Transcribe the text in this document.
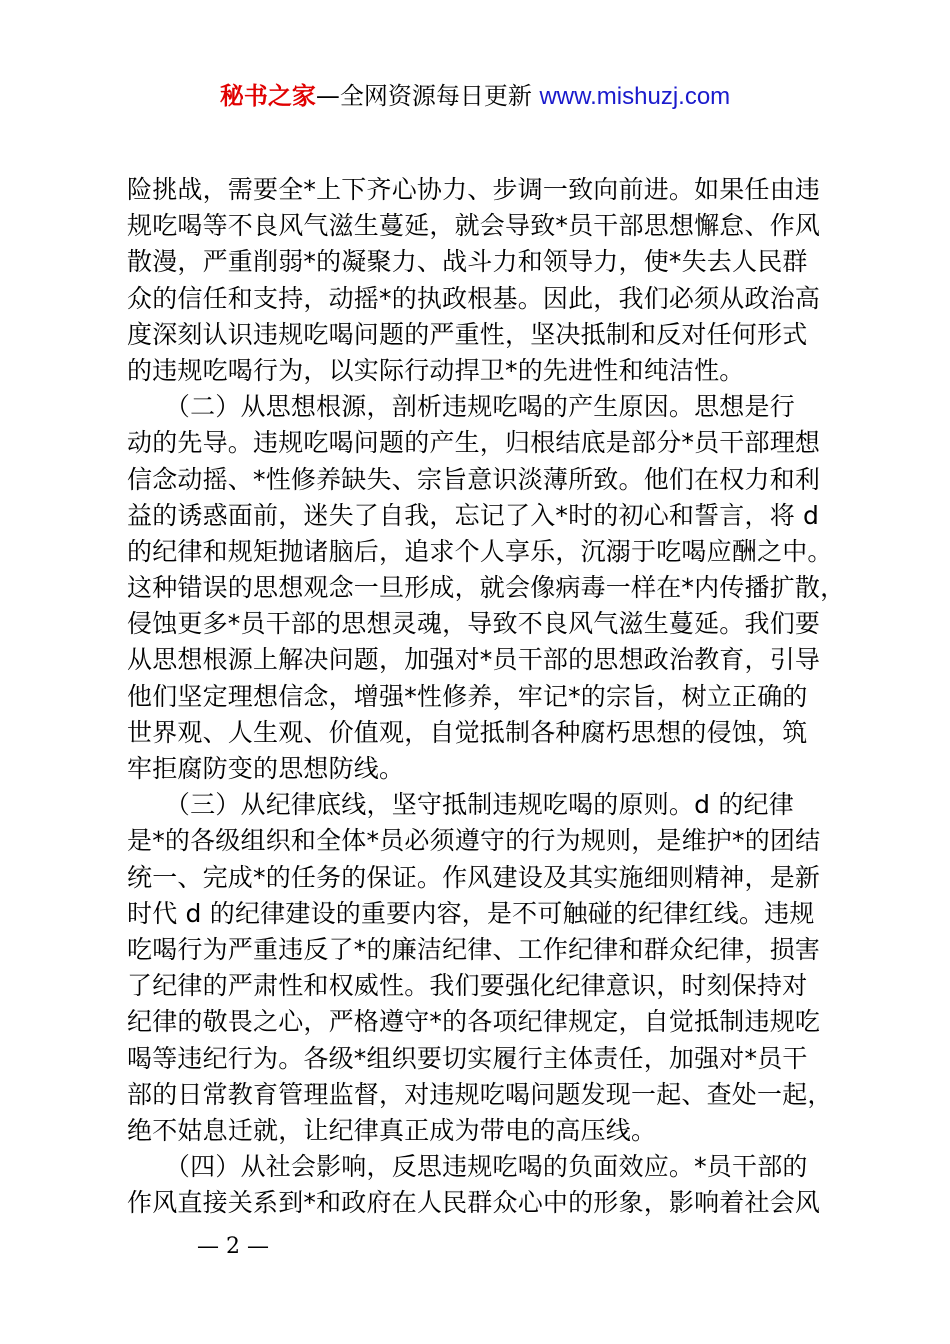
秘书之家—全网资源每日更新 www.mishuzj.com
险挑战，需要全*上下齐心协力、步调一致向前进。如果任由违
规吃喝等不良风气滋生蔓延，就会导致*员干部思想懈怠、作风
散漫，严重削弱*的凝聚力、战斗力和领导力，使*失去人民群
众的信任和支持，动摇*的执政根基。因此，我们必须从政治高
度深刻认识违规吃喝问题的严重性，坚决抵制和反对任何形式
的违规吃喝行为，以实际行动捍卫*的先进性和纯洁性。
　　（二）从思想根源，剖析违规吃喝的产生原因。思想是行
动的先导。违规吃喝问题的产生，归根结底是部分*员干部理想
信念动摇、*性修养缺失、宗旨意识淡薄所致。他们在权力和利
益的诱惑面前，迷失了自我，忘记了入*时的初心和誓言，将 d
的纪律和规矩抛诸脑后，追求个人享乐，沉溺于吃喝应酬之中。
这种错误的思想观念一旦形成，就会像病毒一样在*内传播扩散，
侵蚀更多*员干部的思想灵魂，导致不良风气滋生蔓延。我们要
从思想根源上解决问题，加强对*员干部的思想政治教育，引导
他们坚定理想信念，增强*性修养，牢记*的宗旨，树立正确的
世界观、人生观、价值观，自觉抵制各种腐朽思想的侵蚀，筑
牢拒腐防变的思想防线。
　　（三）从纪律底线，坚守抵制违规吃喝的原则。d 的纪律
是*的各级组织和全体*员必须遵守的行为规则，是维护*的团结
统一、完成*的任务的保证。作风建设及其实施细则精神，是新
时代 d 的纪律建设的重要内容，是不可触碰的纪律红线。违规
吃喝行为严重违反了*的廉洁纪律、工作纪律和群众纪律，损害
了纪律的严肃性和权威性。我们要强化纪律意识，时刻保持对
纪律的敬畏之心，严格遵守*的各项纪律规定，自觉抵制违规吃
喝等违纪行为。各级*组织要切实履行主体责任，加强对*员干
部的日常教育管理监督，对违规吃喝问题发现一起、查处一起，
绝不姑息迁就，让纪律真正成为带电的高压线。
　　（四）从社会影响，反思违规吃喝的负面效应。*员干部的
作风直接关系到*和政府在人民群众心中的形象，影响着社会风
— 2 —
